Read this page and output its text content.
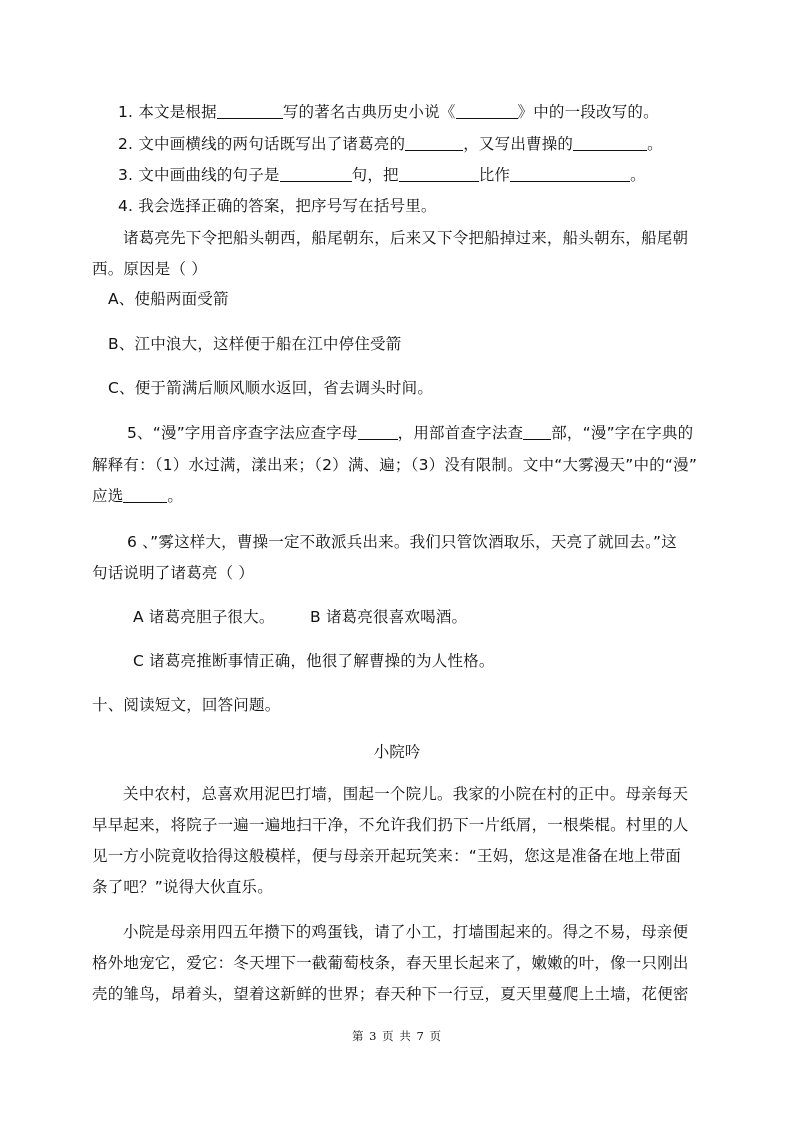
1. 本文是根据	写的著名古典历史小说《	》中的一段改写的。
2. 文中画横线的两句话既写出了诸葛亮的	，又写出曹操的	。
3. 文中画曲线的句子是	句，把	比作	。
4. 我会选择正确的答案，把序号写在括号里。
诸葛亮先下令把船头朝西，船尾朝东，后来又下令把船掉过来，船头朝东，船尾朝
西。原因是（ ）
A、使船两面受箭
B、江中浪大，这样便于船在江中停住受箭
C、便于箭满后顺风顺水返回，省去调头时间。
5、“漫”字用音序查字法应查字母	，用部首查字法查 部，“漫”字在字典的
解释有：（1）水过满，漾出来；（2）满、遍；（3）没有限制。文中“大雾漫天”中的“漫”
应选	。
6 、”雾这样大，曹操一定不敢派兵出来。我们只管饮酒取乐，天亮了就回去。”这
句话说明了诸葛亮（ ）
A 诸葛亮胆子很大。 B 诸葛亮很喜欢喝酒。
C 诸葛亮推断事情正确，他很了解曹操的为人性格。
十、阅读短文，回答问题。
小院吟
关中农村，总喜欢用泥巴打墙，围起一个院儿。我家的小院在村的正中。母亲每天
早早起来，将院子一遍一遍地扫干净，不允许我们扔下一片纸屑，一根柴棍。村里的人
见一方小院竟收拾得这般模样，便与母亲开起玩笑来：“王妈，您这是准备在地上带面
条了吧？”说得大伙直乐。
小院是母亲用四五年攒下的鸡蛋钱，请了小工，打墙围起来的。得之不易，母亲便
格外地宠它，爱它：冬天埋下一截葡萄枝条，春天里长起来了，嫩嫩的叶，像一只刚出
壳的雏鸟，昂着头，望着这新鲜的世界；春天种下一行豆，夏天里蔓爬上土墙，花便密
第 3 页 共 7 页
